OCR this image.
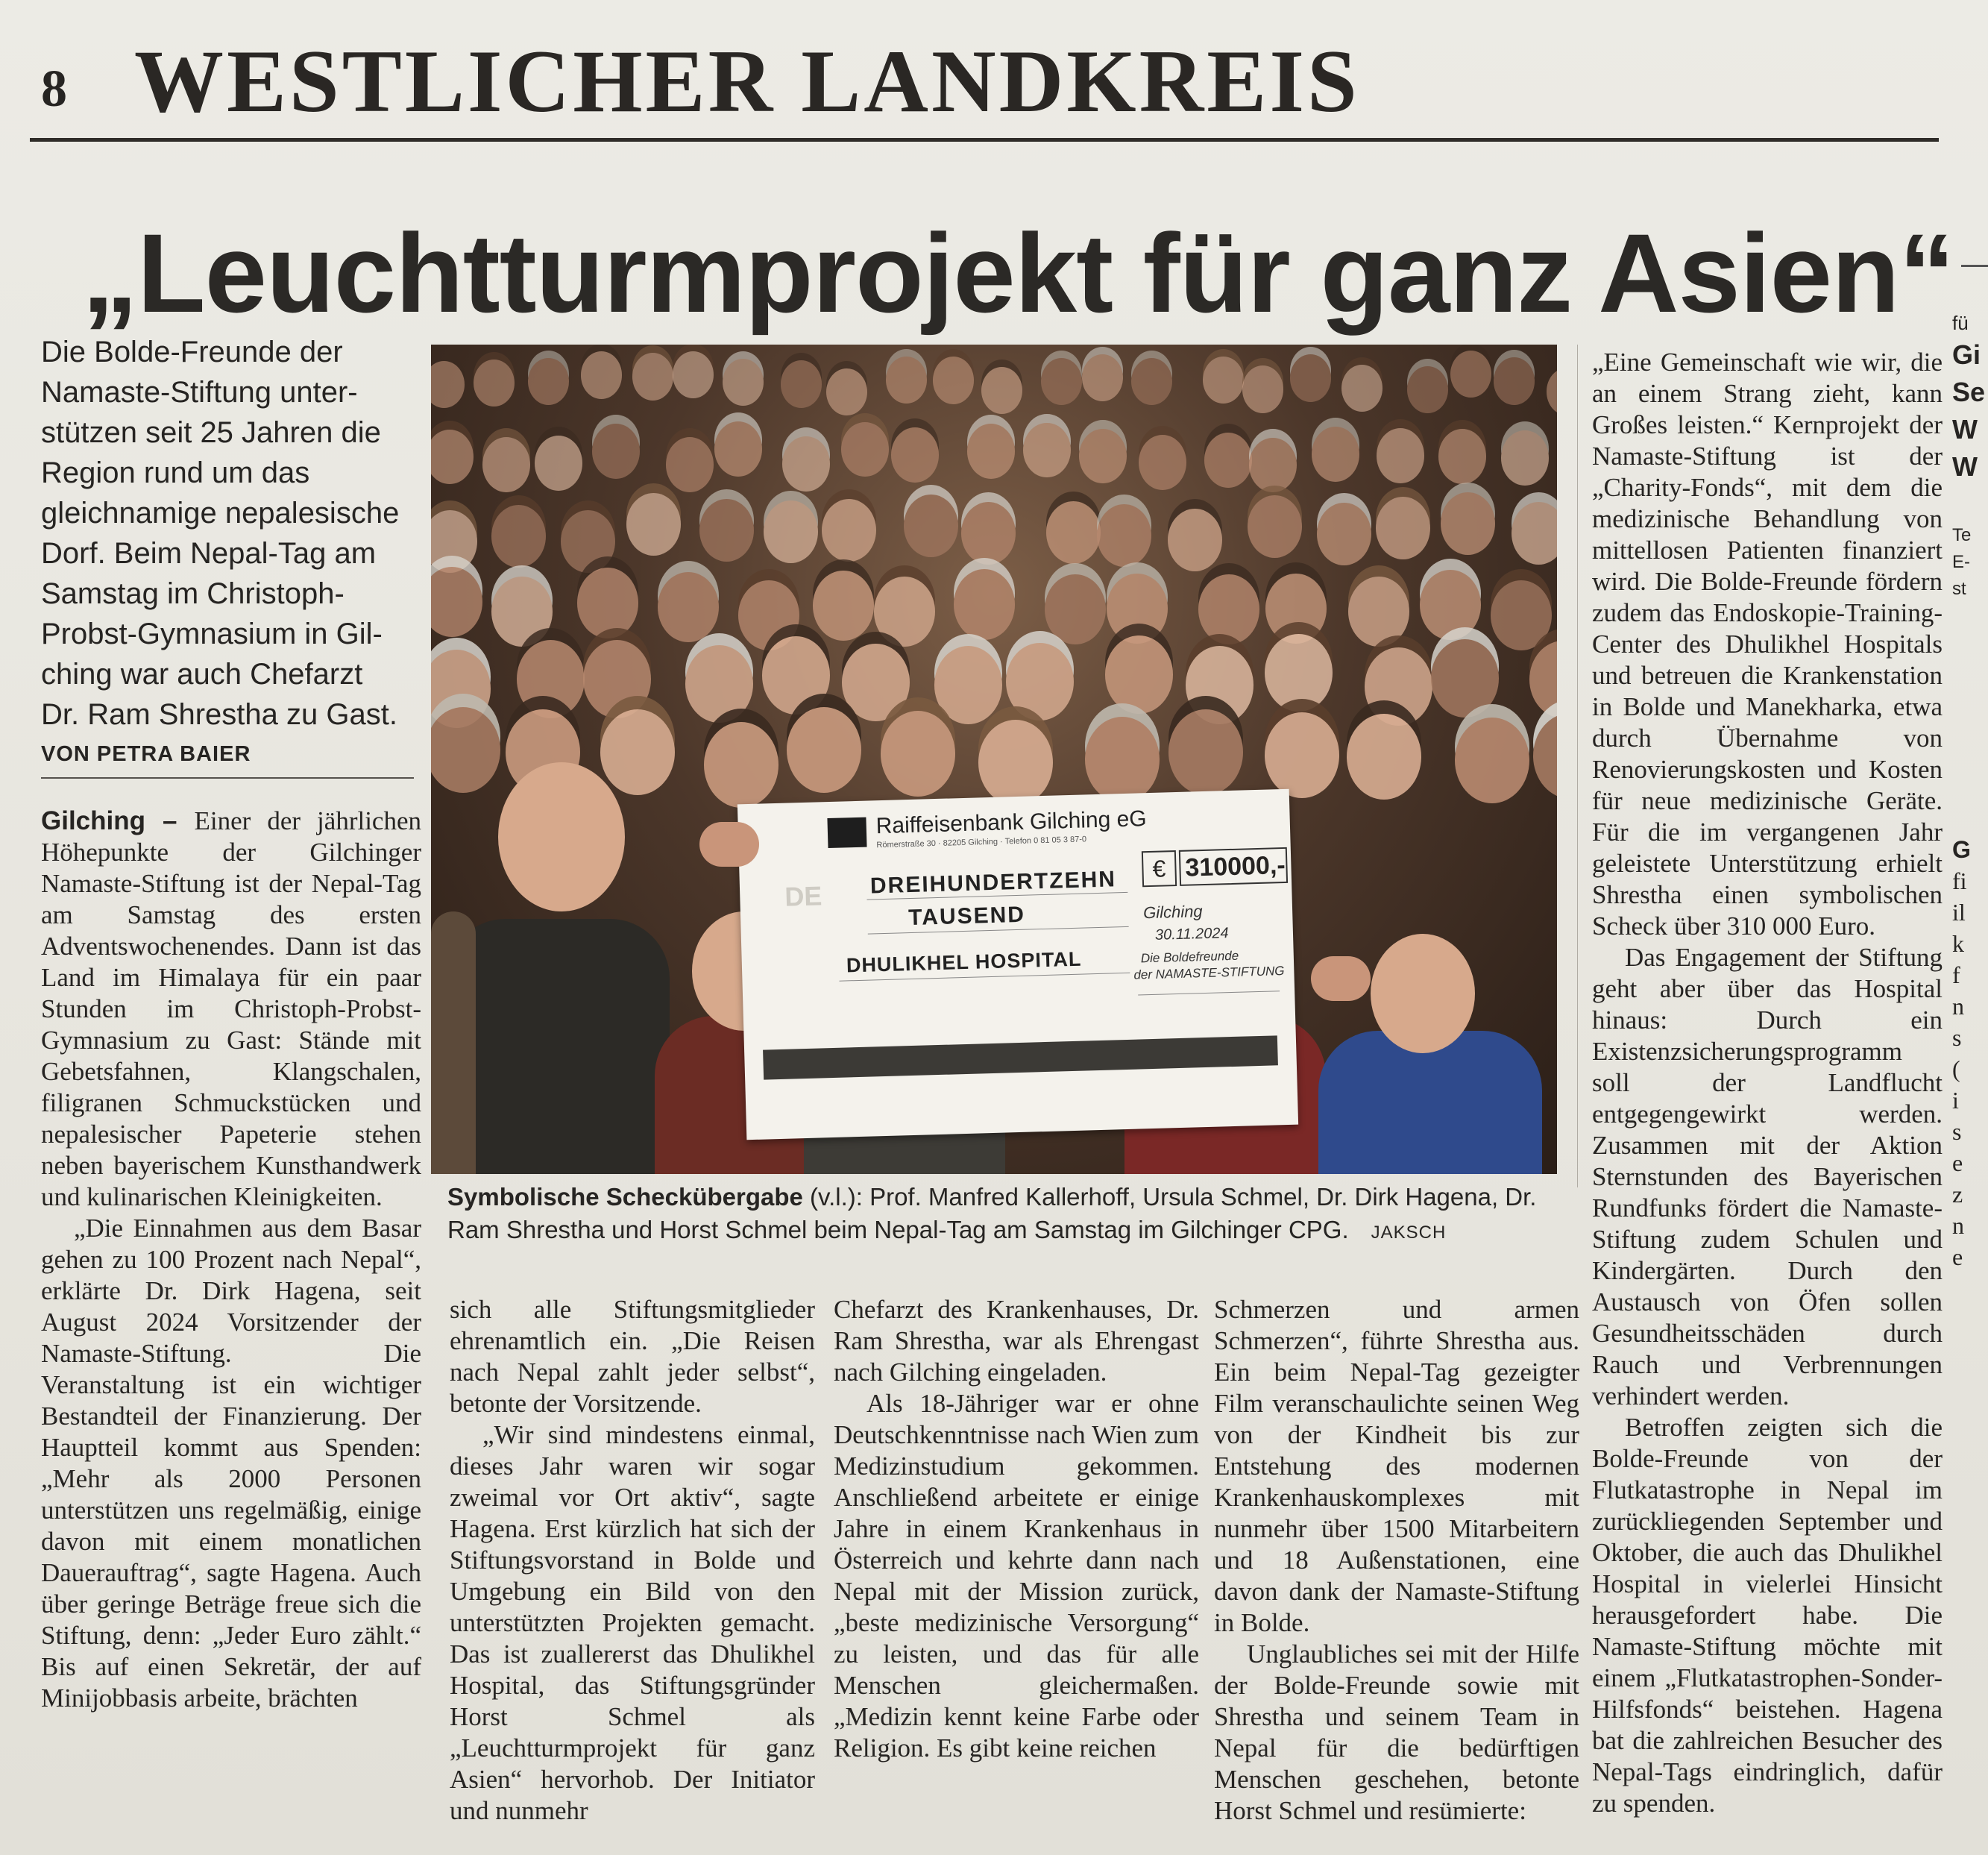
8 WESTLICHER LANDKREIS
„Leuchtturmprojekt für ganz Asien“

Die Bolde-Freunde der

Namaste-Stiftung unter-

stützen seit 25 Jahren die

Region rund um das

gleichnamige nepalesische

Dorf. Beim Nepal-Tag am

Samstag im Christoph-

Probst-Gymnasium in Gil-

ching war auch Chefarzt

Dr. Ram Shrestha zu Gast.

VON PETRA BAIER

Gilching – Einer der jährlichen Höhepunkte der Gilchinger Namaste-Stiftung ist der Nepal-Tag am Samstag des ersten Adventswochenendes. Dann ist das Land im Himalaya für ein paar Stunden im Christoph-Probst-Gymnasium zu Gast: Stände mit Gebetsfahnen, Klangschalen, filigranen Schmuckstücken und nepalesischer Papeterie stehen neben bayerischem Kunsthandwerk und kulinarischen Kleinigkeiten.

„Die Einnahmen aus dem Basar gehen zu 100 Prozent nach Nepal“, erklärte Dr. Dirk Hagena, seit August 2024 Vorsitzender der Namaste-Stiftung. Die Veranstaltung ist ein wichtiger Bestandteil der Finanzierung. Der Hauptteil kommt aus Spenden: „Mehr als 2000 Personen unterstützen uns regelmäßig, einige davon mit einem monatlichen Dauerauftrag“, sagte Hagena. Auch über geringe Beträge freue sich die Stiftung, denn: „Jeder Euro zählt.“ Bis auf einen Sekretär, der auf Minijobbasis arbeite, brächten

DE
Raiffeisenbank Gilching eG
Römerstraße 30 · 82205 Gilching · Telefon 0 81 05 3 87-0
DREIHUNDERTZEHN
TAUSEND
DHULIKHEL HOSPITAL
€ 310000,-
Gilching
30.11.2024
Die Boldefreunde
der NAMASTE-STIFTUNG
Symbolische Scheckübergabe (v.l.): Prof. Manfred Kallerhoff, Ursula Schmel, Dr. Dirk Hagena, Dr. Ram Shrestha und Horst Schmel beim Nepal-Tag am Samstag im Gilchinger CPG. JAKSCH

sich alle Stiftungsmitglieder ehrenamtlich ein. „Die Reisen nach Nepal zahlt jeder selbst“, betonte der Vorsitzende.

„Wir sind mindestens einmal, dieses Jahr waren wir sogar zweimal vor Ort aktiv“, sagte Hagena. Erst kürzlich hat sich der Stiftungsvorstand in Bolde und Umgebung ein Bild von den unterstützten Projekten gemacht. Das ist zuallererst das Dhulikhel Hospital, das Stiftungsgründer Horst Schmel als „Leuchtturmprojekt für ganz Asien“ hervorhob. Der Initiator und nunmehr

Chefarzt des Krankenhauses, Dr. Ram Shrestha, war als Ehrengast nach Gilching eingeladen.

Als 18-Jähriger war er ohne Deutschkenntnisse nach Wien zum Medizinstudium gekommen. Anschließend arbeitete er einige Jahre in einem Krankenhaus in Österreich und kehrte dann nach Nepal mit der Mission zurück, „beste medizinische Versorgung“ zu leisten, und das für alle Menschen gleichermaßen. „Medizin kennt keine Farbe oder Religion. Es gibt keine reichen

Schmerzen und armen Schmerzen“, führte Shrestha aus. Ein beim Nepal-Tag gezeigter Film veranschaulichte seinen Weg von der Kindheit bis zur Entstehung des modernen Krankenhauskomplexes mit nunmehr über 1500 Mitarbeitern und 18 Außenstationen, eine davon dank der Namaste-Stiftung in Bolde.

Unglaubliches sei mit der Hilfe der Bolde-Freunde sowie mit Shrestha und seinem Team in Nepal für die bedürftigen Menschen geschehen, betonte Horst Schmel und resümierte:

„Eine Gemeinschaft wie wir, die an einem Strang zieht, kann Großes leisten.“ Kernprojekt der Namaste-Stiftung ist der „Charity-Fonds“, mit dem die medizinische Behandlung von mittellosen Patienten finanziert wird. Die Bolde-Freunde fördern zudem das Endoskopie-Training-Center des Dhulikhel Hospitals und betreuen die Krankenstation in Bolde und Manekharka, etwa durch Übernahme von Renovierungskosten und Kosten für neue medizinische Geräte. Für die im vergangenen Jahr geleistete Unterstützung erhielt Shrestha einen symbolischen Scheck über 310 000 Euro.

Das Engagement der Stiftung geht aber über das Hospital hinaus: Durch ein Existenzsicherungsprogramm soll der Landflucht entgegengewirkt werden. Zusammen mit der Aktion Sternstunden des Bayerischen Rundfunks fördert die Namaste-Stiftung zudem Schulen und Kindergärten. Durch den Austausch von Öfen sollen Gesundheitsschäden durch Rauch und Verbrennungen verhindert werden.

Betroffen zeigten sich die Bolde-Freunde von der Flutkatastrophe in Nepal im zurückliegenden September und Oktober, die auch das Dhulikhel Hospital in vielerlei Hinsicht herausgefordert habe. Die Namaste-Stiftung möchte mit einem „Flutkatastrophen-Sonder-Hilfsfonds“ beistehen. Hagena bat die zahlreichen Besucher des Nepal-Tags eindringlich, dafür zu spenden.

fü
Gi
Se
W
W
Te
E-
st
G
fi
il
k
f
n
s
(
i
s
e
z
n
e
